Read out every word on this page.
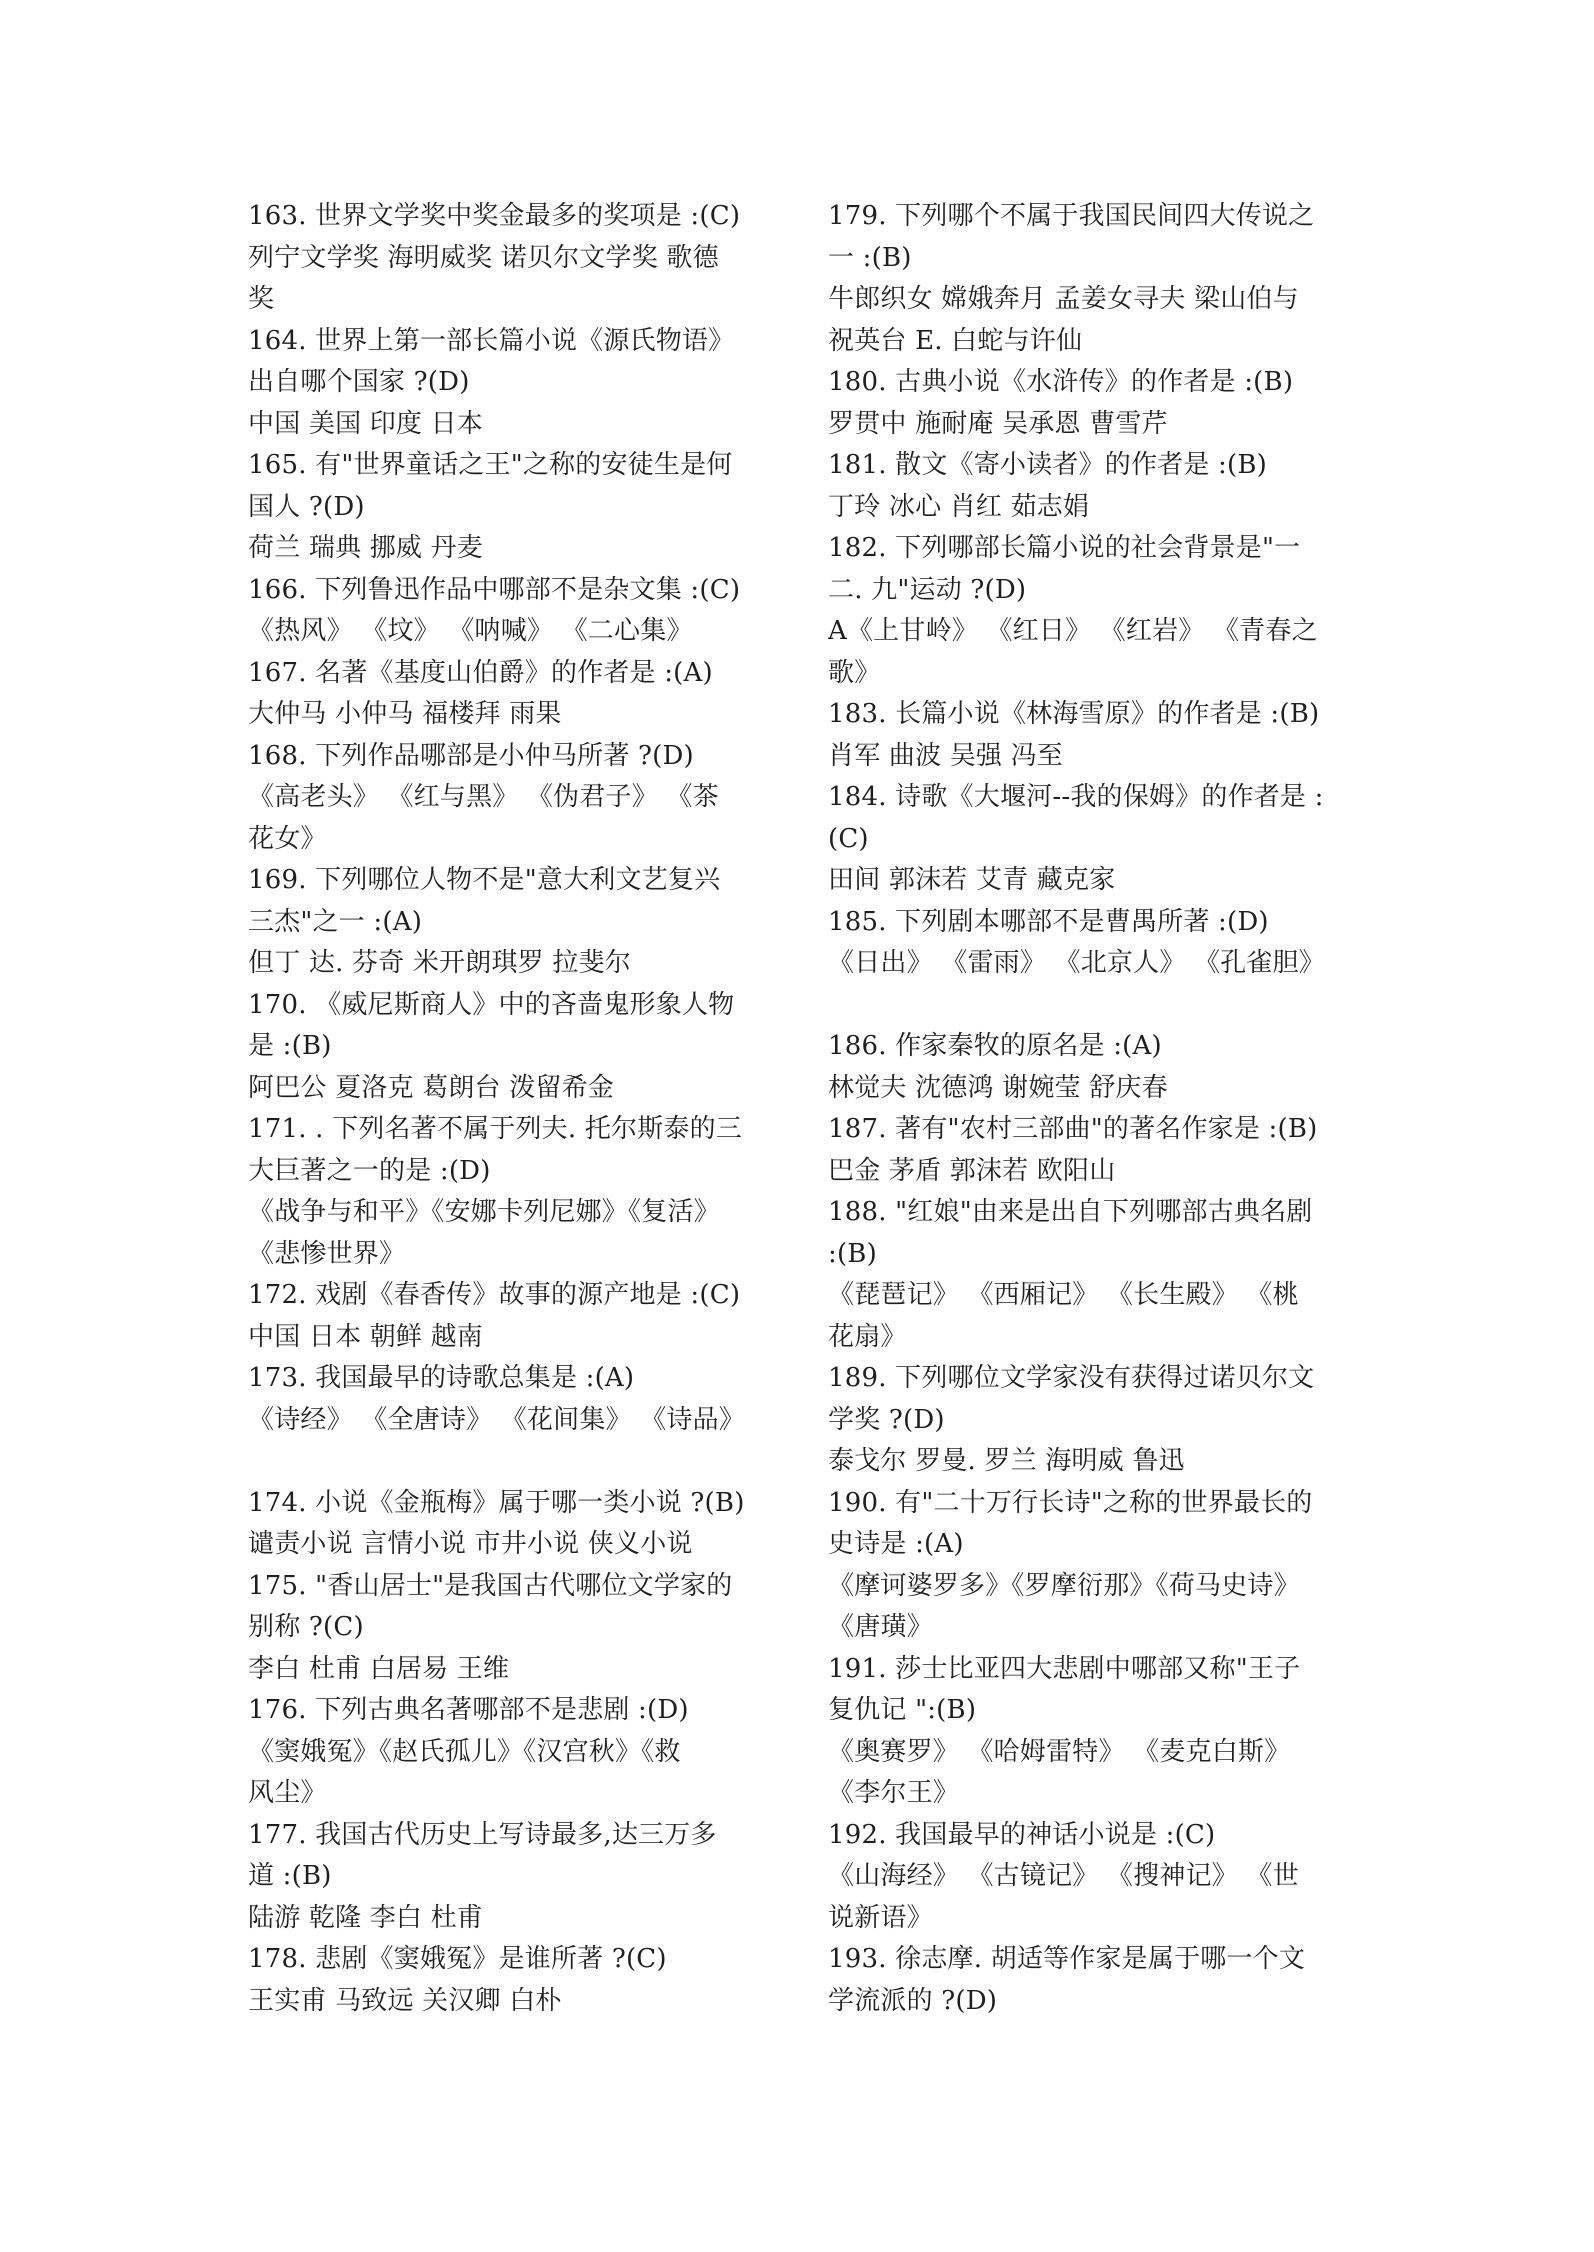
163. 世界文学奖中奖金最多的奖项是 :(C)
列宁文学奖 海明威奖 诺贝尔文学奖 歌德
奖
164. 世界上第一部长篇小说《源氏物语》
出自哪个国家 ?(D)
中国 美国 印度 日本
165. 有"世界童话之王"之称的安徒生是何
国人 ?(D)
荷兰 瑞典 挪威 丹麦
166. 下列鲁迅作品中哪部不是杂文集 :(C)
《热风》 《坟》 《呐喊》 《二心集》
167. 名著《基度山伯爵》的作者是 :(A)
大仲马 小仲马 福楼拜 雨果
168. 下列作品哪部是小仲马所著 ?(D)
《高老头》 《红与黑》 《伪君子》 《茶
花女》
169. 下列哪位人物不是"意大利文艺复兴
三杰"之一 :(A)
但丁 达. 芬奇 米开朗琪罗 拉斐尔
170. 《威尼斯商人》中的吝啬鬼形象人物
是 :(B)
阿巴公 夏洛克 葛朗台 泼留希金
171. . 下列名著不属于列夫. 托尔斯泰的三
大巨著之一的是 :(D)
《战争与和平》《安娜卡列尼娜》《复活》
《悲惨世界》
172. 戏剧《春香传》故事的源产地是 :(C)
中国 日本 朝鲜 越南
173. 我国最早的诗歌总集是 :(A)
《诗经》 《全唐诗》 《花间集》 《诗品》
174. 小说《金瓶梅》属于哪一类小说 ?(B)
谴责小说 言情小说 市井小说 侠义小说
175. "香山居士"是我国古代哪位文学家的
别称 ?(C)
李白 杜甫 白居易 王维
176. 下列古典名著哪部不是悲剧 :(D)
《窦娥冤》《赵氏孤儿》《汉宫秋》《救
风尘》
177. 我国古代历史上写诗最多,达三万多
道 :(B)
陆游 乾隆 李白 杜甫
178. 悲剧《窦娥冤》是谁所著 ?(C)
王实甫 马致远 关汉卿 白朴
179. 下列哪个不属于我国民间四大传说之
一 :(B)
牛郎织女 嫦娥奔月 孟姜女寻夫 梁山伯与
祝英台 E. 白蛇与许仙
180. 古典小说《水浒传》的作者是 :(B)
罗贯中 施耐庵 吴承恩 曹雪芹
181. 散文《寄小读者》的作者是 :(B)
丁玲 冰心 肖红 茹志娟
182. 下列哪部长篇小说的社会背景是"一
二. 九"运动 ?(D)
A《上甘岭》 《红日》 《红岩》 《青春之
歌》
183. 长篇小说《林海雪原》的作者是 :(B)
肖军 曲波 吴强 冯至
184. 诗歌《大堰河--我的保姆》的作者是 :
(C)
田间 郭沫若 艾青 藏克家
185. 下列剧本哪部不是曹禺所著 :(D)
《日出》 《雷雨》 《北京人》 《孔雀胆》
186. 作家秦牧的原名是 :(A)
林觉夫 沈德鸿 谢婉莹 舒庆春
187. 著有"农村三部曲"的著名作家是 :(B)
巴金 茅盾 郭沫若 欧阳山
188. "红娘"由来是出自下列哪部古典名剧
:(B)
《琵琶记》 《西厢记》 《长生殿》 《桃
花扇》
189. 下列哪位文学家没有获得过诺贝尔文
学奖 ?(D)
泰戈尔 罗曼. 罗兰 海明威 鲁迅
190. 有"二十万行长诗"之称的世界最长的
史诗是 :(A)
《摩诃婆罗多》《罗摩衍那》《荷马史诗》
《唐璜》
191. 莎士比亚四大悲剧中哪部又称"王子
复仇记 ":(B)
《奥赛罗》 《哈姆雷特》 《麦克白斯》
《李尔王》
192. 我国最早的神话小说是 :(C)
《山海经》 《古镜记》 《搜神记》 《世
说新语》
193. 徐志摩. 胡适等作家是属于哪一个文
学流派的 ?(D)
